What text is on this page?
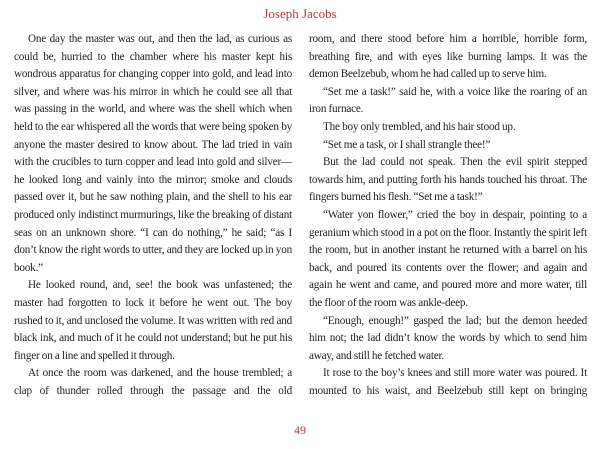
Joseph Jacobs

One day the master was out, and then the lad, as curious as could be, hurried to the chamber where his master kept his wondrous apparatus for changing copper into gold, and lead into silver, and where was his mirror in which he could see all that was passing in the world, and where was the shell which when held to the ear whispered all the words that were being spoken by anyone the master desired to know about. The lad tried in vain with the crucibles to turn copper and lead into gold and silver—he looked long and vainly into the mirror; smoke and clouds passed over it, but he saw nothing plain, and the shell to his ear produced only indistinct murmurings, like the breaking of distant seas on an unknown shore. “I can do nothing,” he said; “as I don’t know the right words to utter, and they are locked up in yon book.”

He looked round, and, see! the book was unfastened; the master had forgotten to lock it before he went out. The boy rushed to it, and unclosed the volume. It was written with red and black ink, and much of it he could not understand; but he put his finger on a line and spelled it through.

At once the room was darkened, and the house trembled; a clap of thunder rolled through the passage and the old

room, and there stood before him a horrible, horrible form, breathing fire, and with eyes like burning lamps. It was the demon Beelzebub, whom he had called up to serve him.

“Set me a task!” said he, with a voice like the roaring of an iron furnace.

The boy only trembled, and his hair stood up.

“Set me a task, or I shall strangle thee!”

But the lad could not speak. Then the evil spirit stepped towards him, and putting forth his hands touched his throat. The fingers burned his flesh. “Set me a task!”

“Water yon flower,” cried the boy in despair, pointing to a geranium which stood in a pot on the floor. Instantly the spirit left the room, but in another instant he returned with a barrel on his back, and poured its contents over the flower; and again and again he went and came, and poured more and more water, till the floor of the room was ankle-deep.

“Enough, enough!” gasped the lad; but the demon heeded him not; the lad didn’t know the words by which to send him away, and still he fetched water.

It rose to the boy’s knees and still more water was poured. It mounted to his waist, and Beelzebub still kept on bringing

49
